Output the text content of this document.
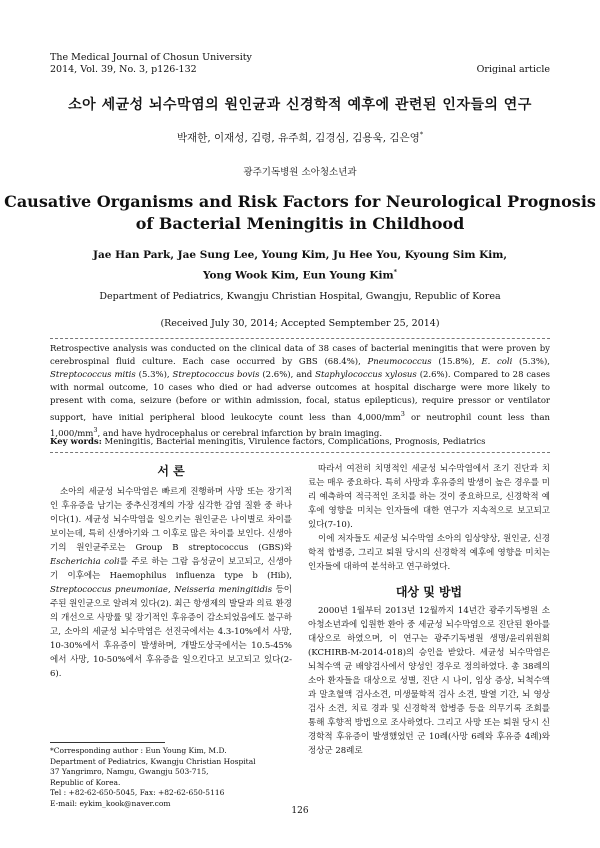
The Medical Journal of Chosun University
2014, Vol. 39, No. 3, p126-132	Original article
소아 세균성 뇌수막염의 원인균과 신경학적 예후에 관련된 인자들의 연구
박재한, 이재성, 김령, 유주희, 김경심, 김용욱, 김은영*
광주기독병원 소아청소년과
Causative Organisms and Risk Factors for Neurological Prognosis
of Bacterial Meningitis in Childhood
Jae Han Park, Jae Sung Lee, Young Kim, Ju Hee You, Kyoung Sim Kim,
Yong Wook Kim, Eun Young Kim*
Department of Pediatrics, Kwangju Christian Hospital, Gwangju, Republic of Korea
(Received July 30, 2014; Accepted Semptember 25, 2014)

Retrospective analysis was conducted on the clinical data of 38 cases of bacterial meningitis that were proven by cerebrospinal fluid culture. Each case occurred by GBS (68.4%), Pneumococcus (15.8%), E. coli (5.3%), Streptococcus mitis (5.3%), Streptococcus bovis (2.6%), and Staphylococcus xylosus (2.6%). Compared to 28 cases with normal outcome, 10 cases who died or had adverse outcomes at hospital discharge were more likely to present with coma, seizure (before or within admission, focal, status epilepticus), require pressor or ventilator support, have initial peripheral blood leukocyte count less than $4,000/mm^3$ or neutrophil count less than $1,000/mm^3$, and have hydrocephalus or cerebral infarction by brain imaging.

Key words: Meningitis, Bacterial meningitis, Virulence factors, Complications, Prognosis, Pediatrics

서 론

소아의 세균성 뇌수막염은 빠르게 진행하며 사망 또는 장기적인 후유증을 남기는 중추신경계의 가장 심각한 감염 질환 중 하나이다(1). 세균성 뇌수막염을 일으키는 원인균은 나이별로 차이를 보이는데, 특히 신생아기와 그 이후로 많은 차이를 보인다. 신생아기의 원인균주로는 Group B streptococcus (GBS)와 Escherichia coli를 주로 하는 그람 음성균이 보고되고, 신생아기 이후에는 Haemophilus influenza type b (Hib), Streptococcus pneumoniae, Neisseria meningitidis 등이 주된 원인균으로 알려져 있다(2). 최근 항생제의 발달과 의료 환경의 개선으로 사망률 및 장기적인 후유증이 감소되었음에도 불구하고, 소아의 세균성 뇌수막염은 선진국에서는 4.3-10%에서 사망, 10-30%에서 후유증이 발생하며, 개발도상국에서는 10.5-45%에서 사망, 10-50%에서 후유증을 일으킨다고 보고되고 있다(2-6).

따라서 여전히 치명적인 세균성 뇌수막염에서 조기 진단과 치료는 매우 중요하다. 특히 사망과 후유증의 발생이 높은 경우를 미리 예측하여 적극적인 조치를 하는 것이 중요하므로, 신경학적 예후에 영향을 미치는 인자들에 대한 연구가 지속적으로 보고되고 있다(7-10).

이에 저자들도 세균성 뇌수막염 소아의 임상양상, 원인균, 신경학적 합병증, 그리고 퇴원 당시의 신경학적 예후에 영향을 미치는 인자들에 대하여 분석하고 연구하였다.

대상 및 방법

2000년 1월부터 2013년 12월까지 14년간 광주기독병원 소아청소년과에 입원한 환아 중 세균성 뇌수막염으로 진단된 환아를 대상으로 하였으며, 이 연구는 광주기독병원 생명/윤리위원회(KCHIRB-M-2014-018)의 승인을 받았다. 세균성 뇌수막염은 뇌척수액 균 배양검사에서 양성인 경우로 정의하였다. 총 38례의 소아 환자들을 대상으로 성별, 진단 시 나이, 임상 증상, 뇌척수액과 말초혈액 검사소견, 미생물학적 검사 소견, 발열 기간, 뇌 영상검사 소견, 치료 경과 및 신경학적 합병증 등을 의무기록 조회를 통해 후향적 방법으로 조사하였다. 그리고 사망 또는 퇴원 당시 신경학적 후유증이 발생했었던 군 10례(사망 6례와 후유증 4례)와 정상군 28례로

*Corresponding author : Eun Young Kim, M.D.
Department of Pediatrics, Kwangju Christian Hospital
37 Yangrimro, Namgu, Gwangju 503-715,
Republic of Korea.
Tel : +82-62-650-5045, Fax: +82-62-650-5116
E-mail: eykim_kook@naver.com
126
